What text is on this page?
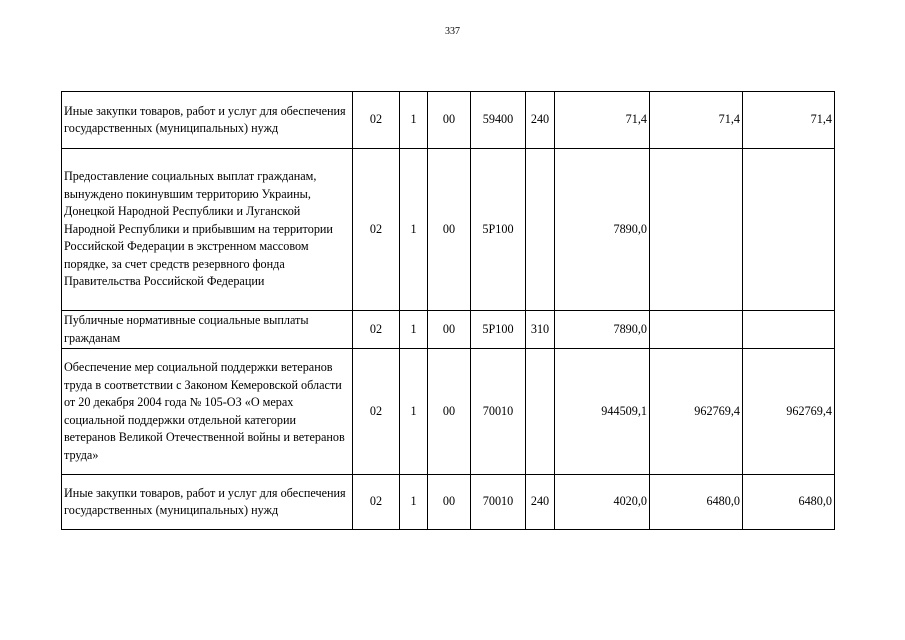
337
Иные закупки товаров, работ и услуг для обеспечения государственных (муниципальных) нужд	02	1	00	59400	240	71,4	71,4	71,4
Предоставление социальных выплат гражданам, вынуждено покинувшим территорию Украины, Донецкой Народной Республики и Луганской Народной Республики и прибывшим на территории Российской Федерации в экстренном массовом порядке, за счет средств резервного фонда Правительства Российской Федерации	02	1	00	5P100		7890,0		
Публичные нормативные социальные выплаты гражданам	02	1	00	5P100	310	7890,0		
Обеспечение мер социальной поддержки ветеранов труда в соответствии с Законом Кемеровской области от 20 декабря 2004 года № 105-ОЗ «О мерах социальной поддержки отдельной категории ветеранов Великой Отечественной войны и ветеранов труда»	02	1	00	70010		944509,1	962769,4	962769,4
Иные закупки товаров, работ и услуг для обеспечения государственных (муниципальных) нужд	02	1	00	70010	240	4020,0	6480,0	6480,0
